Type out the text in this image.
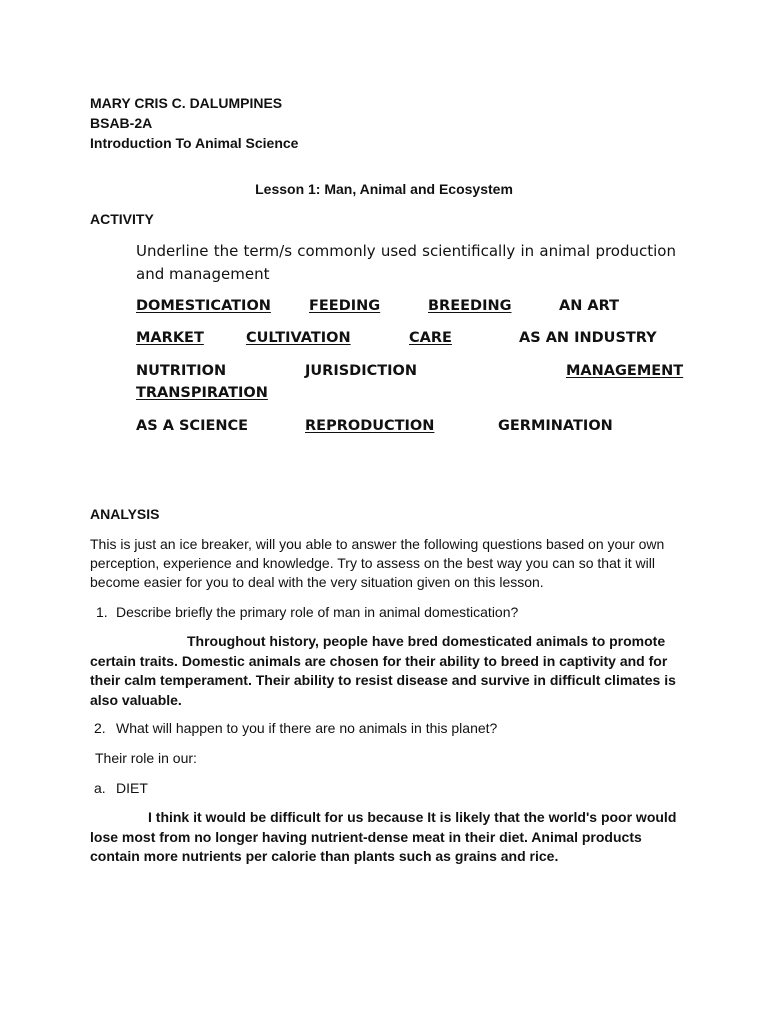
MARY CRIS C. DALUMPINES
BSAB-2A
Introduction To Animal Science
Lesson 1: Man, Animal and Ecosystem
ACTIVITY
Underline the term/s commonly used scientifically in animal production and management
DOMESTICATION	FEEDING	BREEDING	AN ART
MARKET	CULTIVATION	CARE	AS AN INDUSTRY
NUTRITION	JURISDICTION	MANAGEMENT
TRANSPIRATION
AS A SCIENCE	REPRODUCTION	GERMINATION
ANALYSIS
This is just an ice breaker, will you able to answer the following questions based on your own perception, experience and knowledge. Try to assess on the best way you can so that it will become easier for you to deal with the very situation given on this lesson.
1. Describe briefly the primary role of man in animal domestication?
Throughout history, people have bred domesticated animals to promote certain traits. Domestic animals are chosen for their ability to breed in captivity and for their calm temperament. Their ability to resist disease and survive in difficult climates is also valuable.
2. What will happen to you if there are no animals in this planet?
Their role in our:
a. DIET
I think it would be difficult for us because It is likely that the world's poor would lose most from no longer having nutrient-dense meat in their diet. Animal products contain more nutrients per calorie than plants such as grains and rice.
